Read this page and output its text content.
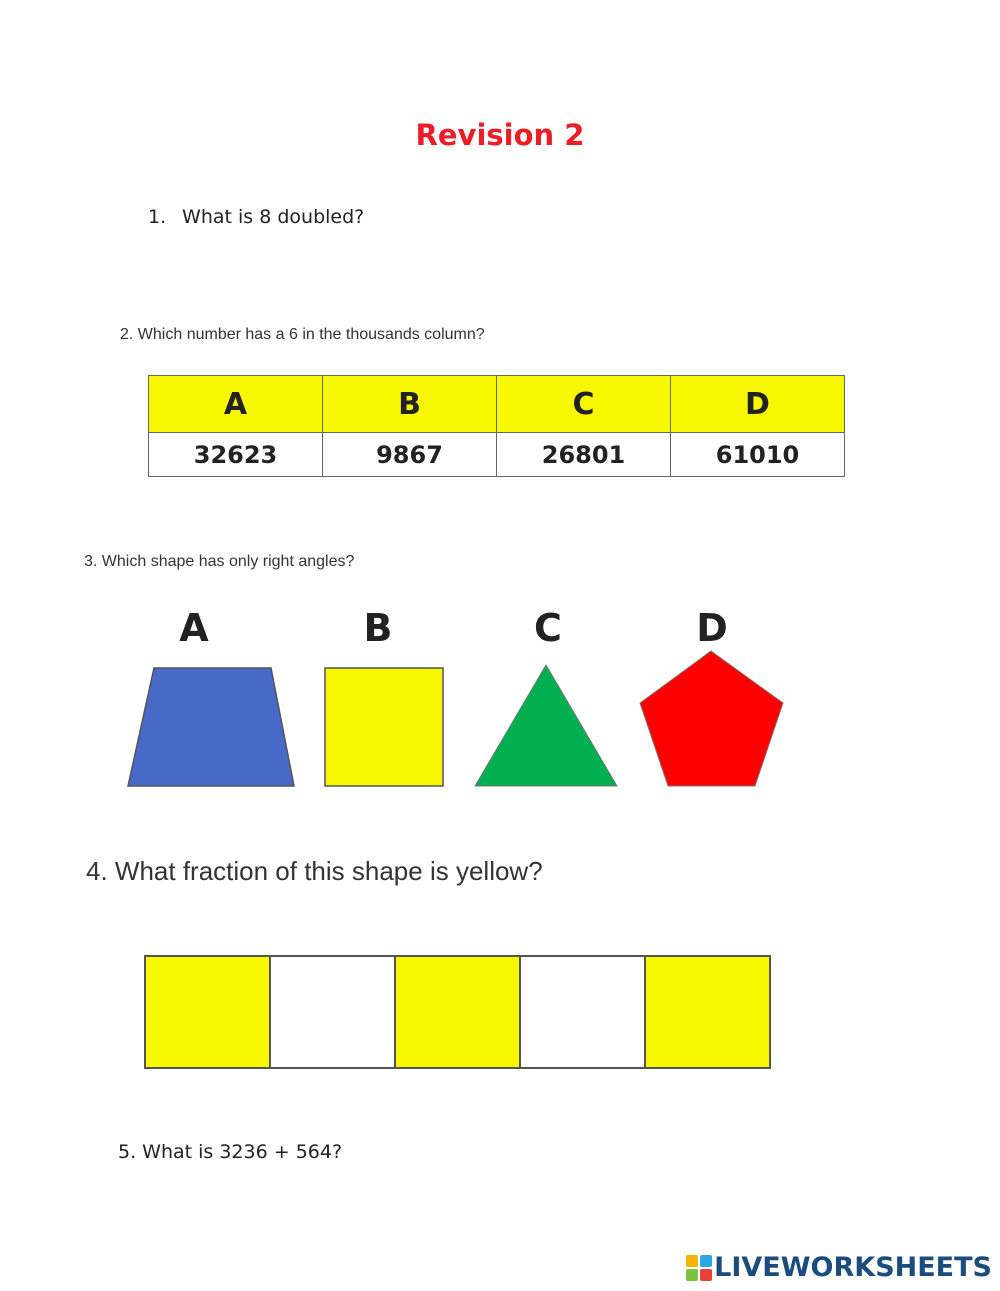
Revision 2
1. What is 8 doubled?
2. Which number has a 6 in the thousands column?
A	B	C	D
32623	9867	26801	61010
3. Which shape has only right angles?
A	B	C	D
4. What fraction of this shape is yellow?
5. What is 3236 + 564?
LIVEWORKSHEETS
